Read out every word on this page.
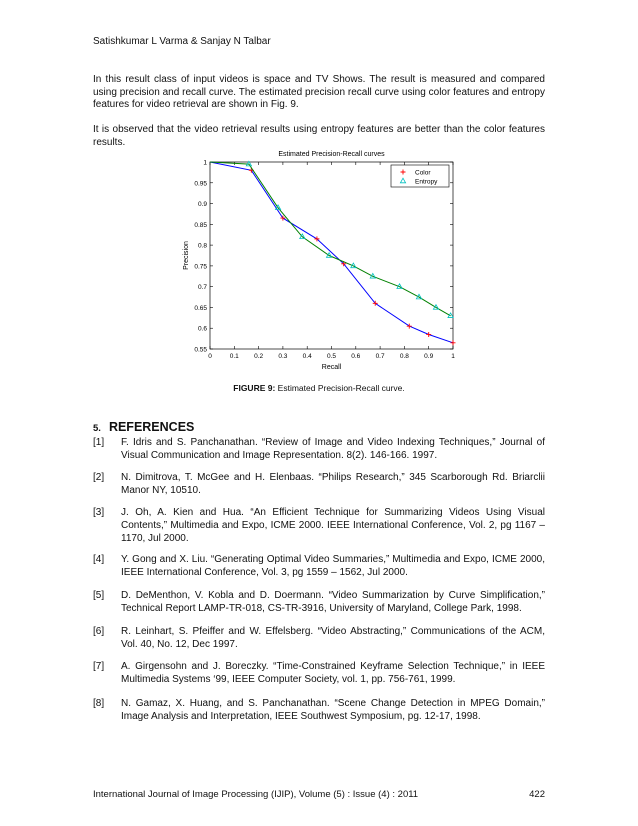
Satishkumar L Varma & Sanjay N Talbar
In this result class of input videos is space and TV Shows. The result is measured and compared using precision and recall curve. The estimated precision recall curve using color features and entropy features for video retrieval are shown in Fig. 9.
It is observed that the video retrieval results using entropy features are better than the color features results.
Estimated Precision-Recall curves
0	0.1 0.2 0.3 0.4 0.5 0.6 0.7 0.8 0.9	1
0.55
0.6
0.65
0.7
0.75
0.8
0.85
0.9
0.95
1
Recall
Precision
Color
Entropy
FIGURE 9: Estimated Precision-Recall curve.
5. REFERENCES
[1] F. Idris and S. Panchanathan. “Review of Image and Video Indexing Techniques,” Journal of Visual Communication and Image Representation. 8(2). 146-166. 1997.
[2] N. Dimitrova, T. McGee and H. Elenbaas. “Philips Research,” 345 Scarborough Rd. Briarclii Manor NY, 10510.
[3] J. Oh, A. Kien and Hua. “An Efficient Technique for Summarizing Videos Using Visual Contents,” Multimedia and Expo, ICME 2000. IEEE International Conference, Vol. 2, pg 1167 – 1170, Jul 2000.
[4] Y. Gong and X. Liu. “Generating Optimal Video Summaries,” Multimedia and Expo, ICME 2000, IEEE International Conference, Vol. 3, pg 1559 – 1562, Jul 2000.
[5] D. DeMenthon, V. Kobla and D. Doermann. “Video Summarization by Curve Simplification,” Technical Report LAMP-TR-018, CS-TR-3916, University of Maryland, College Park, 1998.
[6] R. Leinhart, S. Pfeiffer and W. Effelsberg. “Video Abstracting,” Communications of the ACM, Vol. 40, No. 12, Dec 1997.
[7] A. Girgensohn and J. Boreczky. “Time-Constrained Keyframe Selection Technique,” in IEEE Multimedia Systems ‘99, IEEE Computer Society, vol. 1, pp. 756-761, 1999.
[8] N. Gamaz, X. Huang, and S. Panchanathan. “Scene Change Detection in MPEG Domain,” Image Analysis and Interpretation, IEEE Southwest Symposium, pg. 12-17, 1998.
International Journal of Image Processing (IJIP), Volume (5) : Issue (4) : 2011	422
